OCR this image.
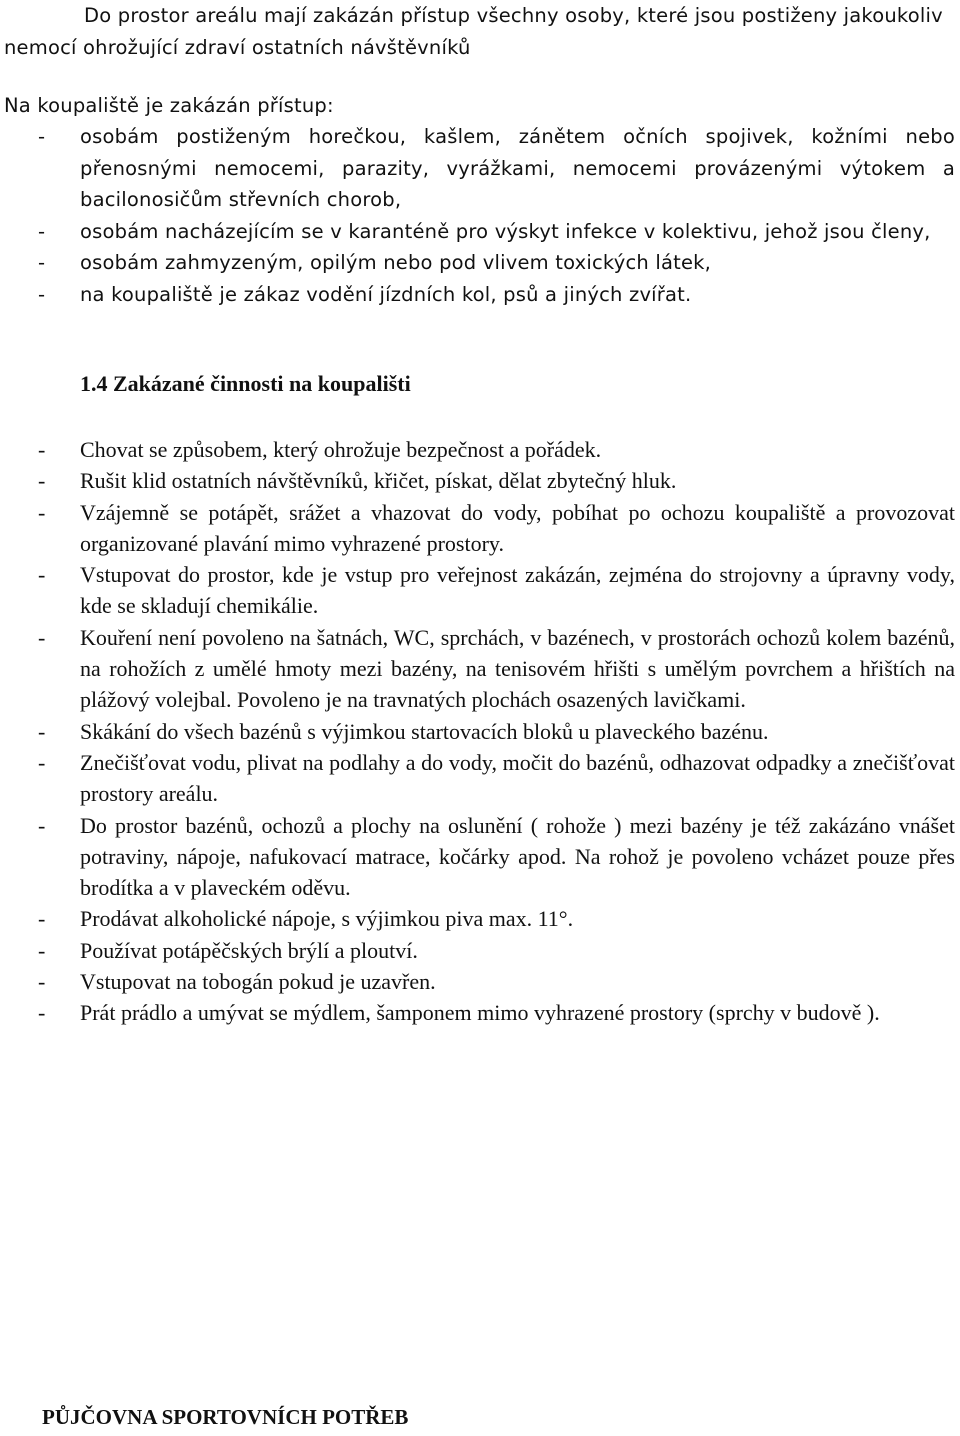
Do prostor areálu mají zakázán přístup všechny osoby, které jsou postiženy jakoukoliv nemocí ohrožující zdraví ostatních návštěvníků
Na koupaliště je zakázán přístup:
- osobám postiženým horečkou, kašlem, zánětem očních spojivek, kožními nebo přenosnými nemocemi, parazity, vyrážkami, nemocemi provázenými výtokem a bacilonosičům střevních chorob,
- osobám nacházejícím se v karanténě pro výskyt infekce v kolektivu, jehož jsou členy,
- osobám zahmyzeným, opilým nebo pod vlivem toxických látek,
- na koupaliště je zákaz vodění jízdních kol, psů a jiných zvířat.
1.4 Zakázané činnosti na koupališti
- Chovat se způsobem, který ohrožuje bezpečnost a pořádek.
- Rušit klid ostatních návštěvníků, křičet, pískat, dělat zbytečný hluk.
- Vzájemně se potápět, srážet a vhazovat do vody, pobíhat po ochozu koupaliště a provozovat organizované plavání mimo vyhrazené prostory.
- Vstupovat do prostor, kde je vstup pro veřejnost zakázán, zejména do strojovny a úpravny vody, kde se skladují chemikálie.
- Kouření není povoleno na šatnách, WC, sprchách, v bazénech, v prostorách ochozů kolem bazénů, na rohožích z umělé hmoty mezi bazény, na tenisovém hřišti s umělým povrchem a hřištích na plážový volejbal. Povoleno je na travnatých plochách osazených lavičkami.
- Skákání do všech bazénů s výjimkou startovacích bloků u plaveckého bazénu.
- Znečišťovat vodu, plivat na podlahy a do vody, močit do bazénů, odhazovat odpadky a znečišťovat prostory areálu.
- Do prostor bazénů, ochozů a plochy na oslunění ( rohože ) mezi bazény je též zakázáno vnášet potraviny, nápoje, nafukovací matrace, kočárky apod. Na rohož je povoleno vcházet pouze přes brodítka a v plaveckém oděvu.
- Prodávat alkoholické nápoje, s výjimkou piva max. 11°.
- Používat potápěčských brýlí a ploutví.
- Vstupovat na tobogán pokud je uzavřen.
- Prát prádlo a umývat se mýdlem, šamponem mimo vyhrazené prostory (sprchy v budově ).
PŮJČOVNA SPORTOVNÍCH POTŘEB
